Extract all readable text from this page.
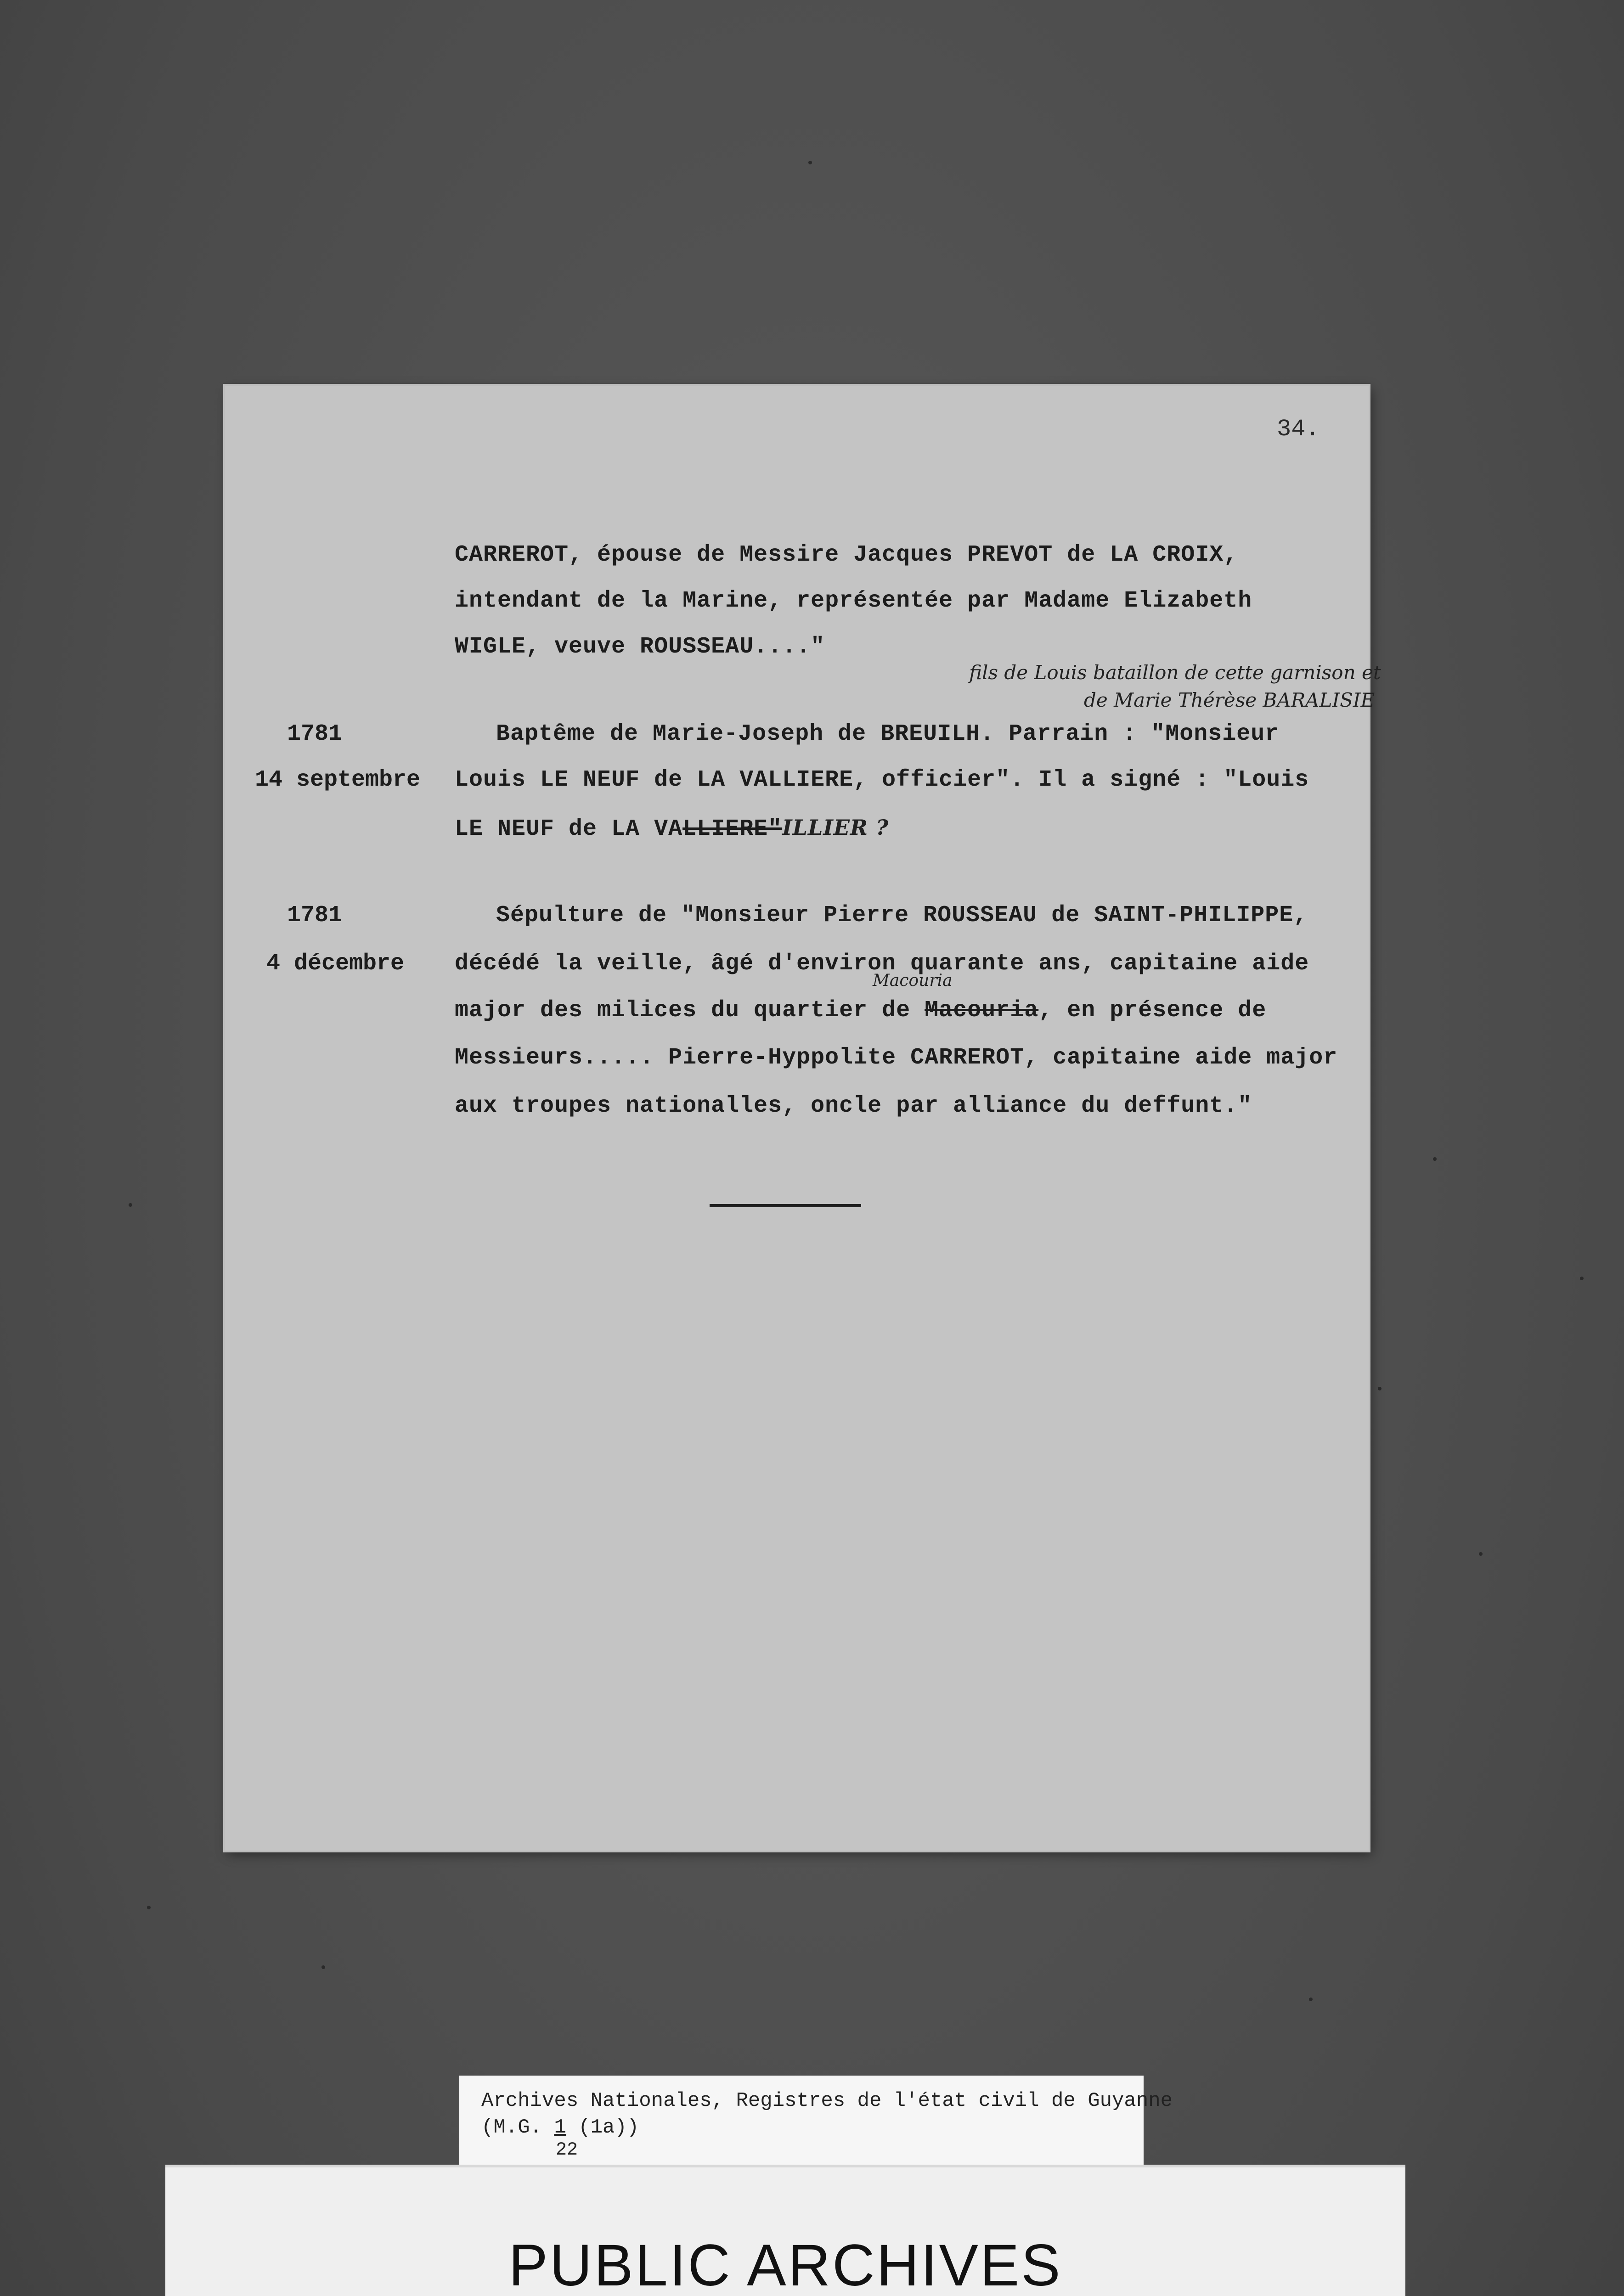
34.
CARREROT, épouse de Messire Jacques PREVOT de LA CROIX,
intendant de la Marine, représentée par Madame Elizabeth
WIGLE, veuve ROUSSEAU...."
fils de Louis bataillon de cette garnison et
de Marie Thérèse BARALISIE
1781
14 septembre
Baptême de Marie-Joseph de BREUILH. Parrain : "Monsieur
Louis LE NEUF de LA VALLIERE, officier". Il a signé : "Louis
LE NEUF de LA VALLIERE"ILLIER ?
1781
4 décembre
Sépulture de "Monsieur Pierre ROUSSEAU de SAINT-PHILIPPE,
décédé la veille, âgé d'environ quarante ans, capitaine aide
Macouria
major des milices du quartier de Macouria, en présence de
Messieurs..... Pierre-Hyppolite CARREROT, capitaine aide major
aux troupes nationalles, oncle par alliance du deffunt."
Archives Nationales, Registres de l'état civil de Guyanne
(M.G. 1 (1a))
22
PUBLIC ARCHIVES
